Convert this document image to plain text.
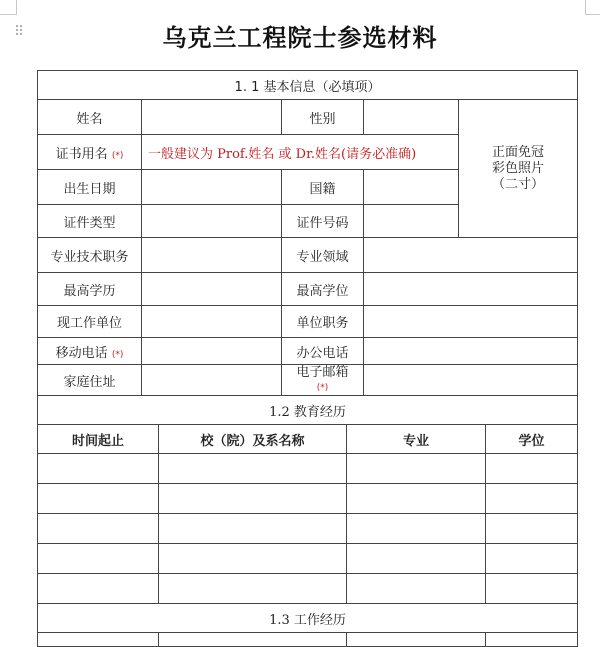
⠿	乌克兰工程院士参选材料
1. 1 基本信息（必填项）							
姓名			性别			正面免冠
彩色照片
（二寸）	
证书用名 (*)	一般建议为 Prof.姓名 或 Dr.姓名(请务必准确)						
出生日期			国籍				
证件类型			证件号码				
专业技术职务			专业领域				
最高学历			最高学位				
现工作单位			单位职务				
移动电话 (*)			办公电话				
家庭住址			电子邮箱
(*)				
1.2 教育经历							
时间起止		校（院）及系名称		专业			学位

1.3 工作经历							
